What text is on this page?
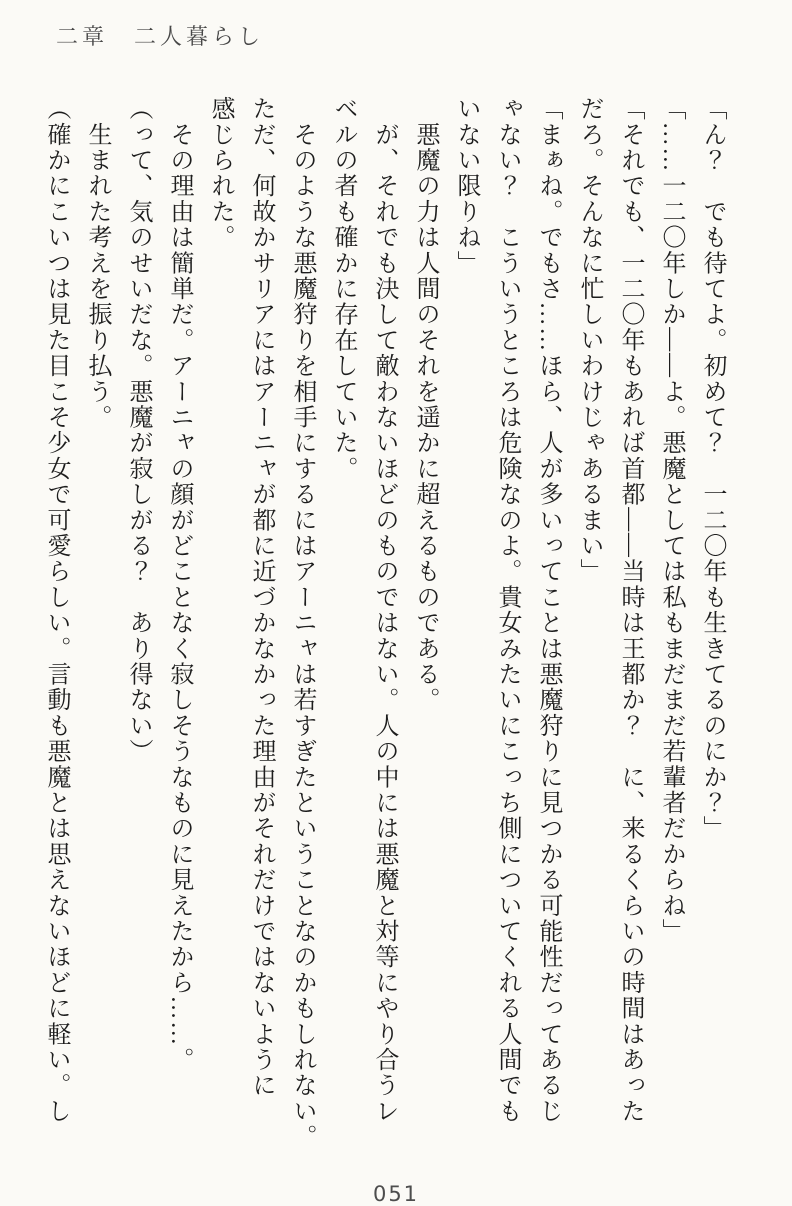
二章　二人暮らし

「ん？　でも待てよ。初めて？　一二〇年も生きてるのにか？」

「……一二〇年しか――よ。悪魔としては私もまだまだ若輩者だからね」

「それでも、一二〇年もあれば首都――当時は王都か？　に、来るくらいの時間はあった

だろ。そんなに忙しいわけじゃあるまい」

「まぁね。でもさ……ほら、人が多いってことは悪魔狩りに見つかる可能性だってあるじ

ゃない？　こういうところは危険なのよ。貴女みたいにこっち側についてくれる人間でも

いない限りね」

　悪魔の力は人間のそれを遥かに超えるものである。

　が、それでも決して敵わないほどのものではない。人の中には悪魔と対等にやり合うレ

ベルの者も確かに存在していた。

　そのような悪魔狩りを相手にするにはアーニャは若すぎたということなのかもしれない。

ただ、何故かサリアにはアーニャが都に近づかなかった理由がそれだけではないように

感じられた。

　その理由は簡単だ。アーニャの顔がどことなく寂しそうなものに見えたから……。

（って、気のせいだな。悪魔が寂しがる？　あり得ない）

　生まれた考えを振り払う。

（確かにこいつは見た目こそ少女で可愛らしい。言動も悪魔とは思えないほどに軽い。し

051
